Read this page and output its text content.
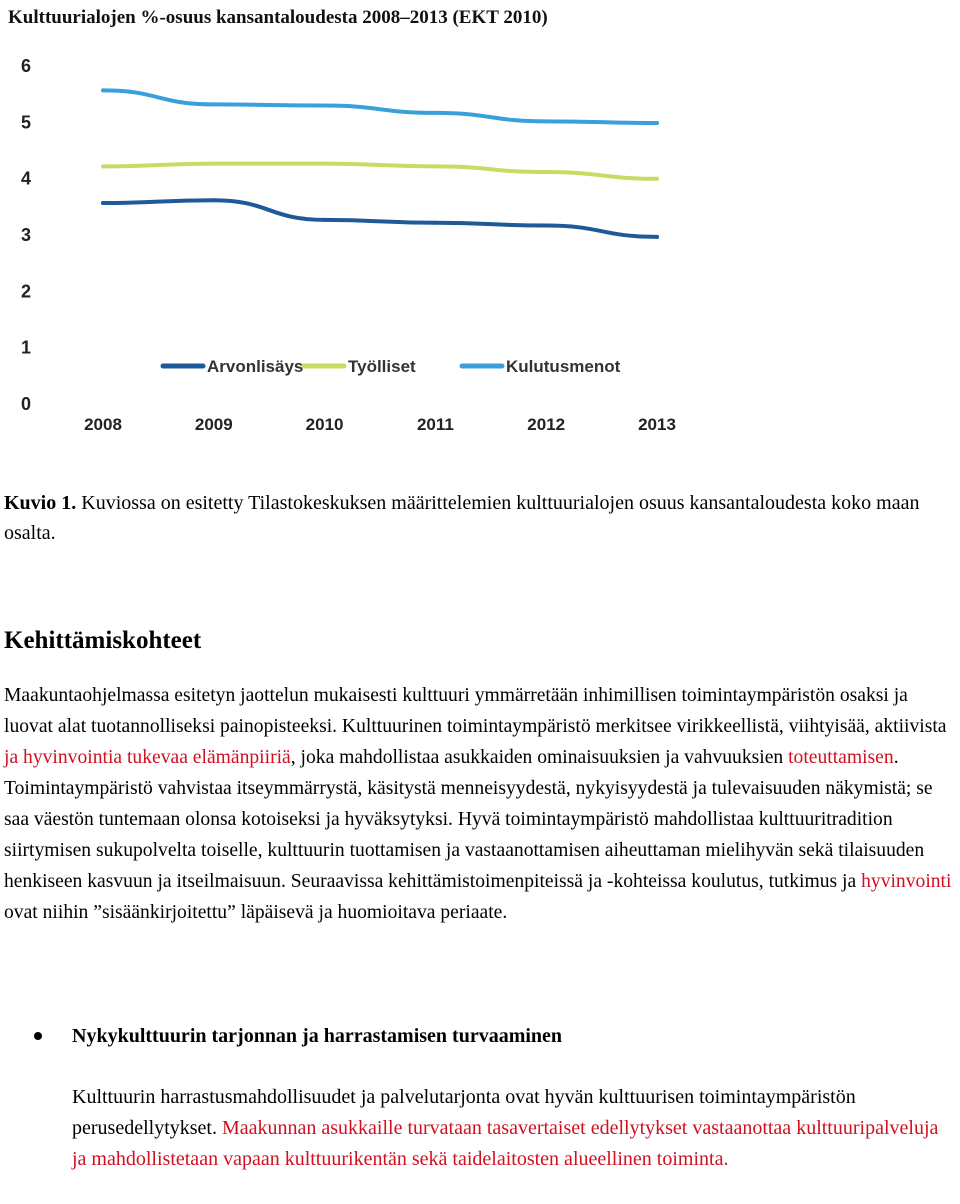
Kulttuurialojen %-osuus kansantaloudesta 2008–2013 (EKT 2010)
0
1
2
3
4
5
6
2008	2009	2010	2011	2012	2013
Arvonlisäys	Työlliset	Kulutusmenot

Kuvio 1. Kuviossa on esitetty Tilastokeskuksen määrittelemien kulttuurialojen osuus kansantaloudesta koko maan osalta.

Kehittämiskohteet

Maakuntaohjelmassa esitetyn jaottelun mukaisesti kulttuuri ymmärretään inhimillisen toimintaympäristön osaksi ja luovat alat tuotannolliseksi painopisteeksi. Kulttuurinen toimintaympäristö merkitsee virikkeellistä, viihtyisää, aktiivista ja hyvinvointia tukevaa elämänpiiriä, joka mahdollistaa asukkaiden ominaisuuksien ja vahvuuksien toteuttamisen. Toimintaympäristö vahvistaa itseymmärrystä, käsitystä menneisyydestä, nykyisyydestä ja tulevaisuuden näkymistä; se saa väestön tuntemaan olonsa kotoiseksi ja hyväksytyksi. Hyvä toimintaympäristö mahdollistaa kulttuuritradition siirtymisen sukupolvelta toiselle, kulttuurin tuottamisen ja vastaanottamisen aiheuttaman mielihyvän sekä tilaisuuden henkiseen kasvuun ja itseilmaisuun. Seuraavissa kehittämistoimenpiteissä ja -kohteissa koulutus, tutkimus ja hyvinvointi ovat niihin ”sisäänkirjoitettu” läpäisevä ja huomioitava periaate.

Nykykulttuurin tarjonnan ja harrastamisen turvaaminen

Kulttuurin harrastusmahdollisuudet ja palvelutarjonta ovat hyvän kulttuurisen toimintaympäristön perusedellytykset. Maakunnan asukkaille turvataan tasavertaiset edellytykset vastaanottaa kulttuuripalveluja ja mahdollistetaan vapaan kulttuurikentän sekä taidelaitosten alueellinen toiminta.
